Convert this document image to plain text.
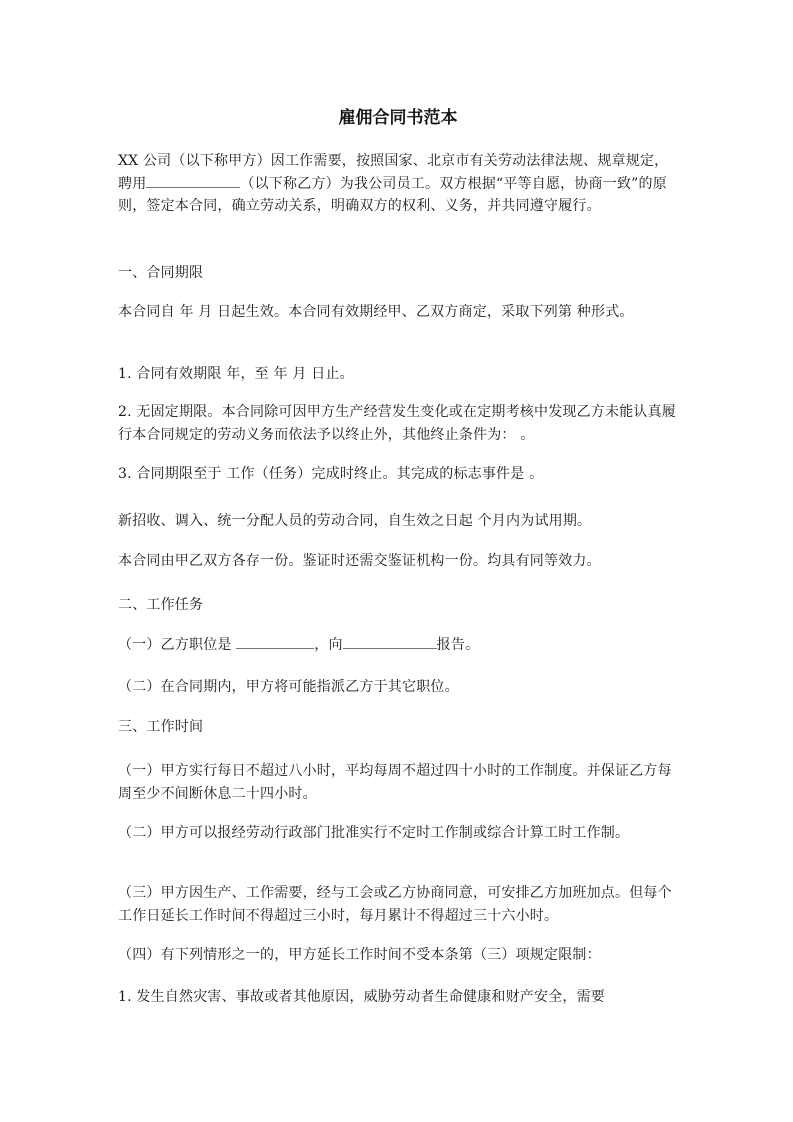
雇佣合同书范本
XX 公司（以下称甲方）因工作需要，按照国家、北京市有关劳动法律法规、规章规定，聘用	（以下称乙方）为我公司员工。双方根据“平等自愿，协商一致”的原则，签定本合同，确立劳动关系，明确双方的权利、义务，并共同遵守履行。
一、合同期限
本合同自 年 月 日起生效。本合同有效期经甲、乙双方商定，采取下列第 种形式。
1. 合同有效期限 年，至 年 月 日止。
2. 无固定期限。本合同除可因甲方生产经营发生变化或在定期考核中发现乙方未能认真履行本合同规定的劳动义务而依法予以终止外，其他终止条件为： 。
3. 合同期限至于 工作（任务）完成时终止。其完成的标志事件是 。
新招收、调入、统一分配人员的劳动合同，自生效之日起 个月内为试用期。
本合同由甲乙双方各存一份。鉴证时还需交鉴证机构一份。均具有同等效力。
二、工作任务
（一）乙方职位是	，向	报告。
（二）在合同期内，甲方将可能指派乙方于其它职位。
三、工作时间
（一）甲方实行每日不超过八小时，平均每周不超过四十小时的工作制度。并保证乙方每周至少不间断休息二十四小时。
（二）甲方可以报经劳动行政部门批准实行不定时工作制或综合计算工时工作制。
（三）甲方因生产、工作需要，经与工会或乙方协商同意，可安排乙方加班加点。但每个工作日延长工作时间不得超过三小时，每月累计不得超过三十六小时。
（四）有下列情形之一的，甲方延长工作时间不受本条第（三）项规定限制：
1. 发生自然灾害、事故或者其他原因，威胁劳动者生命健康和财产安全，需要
